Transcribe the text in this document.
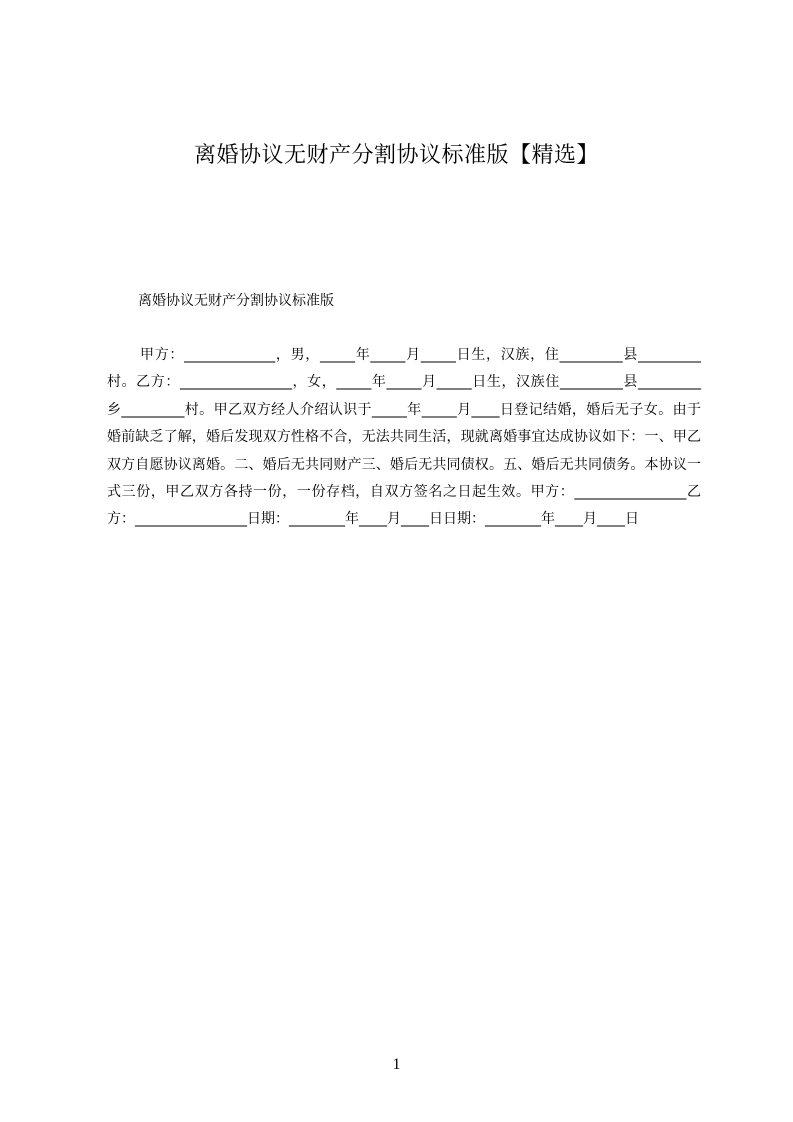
离婚协议无财产分割协议标准版【精选】
离婚协议无财产分割协议标准版
甲方：_____________，男，_____年_____月_____日生，汉族，住_________县_________村。乙方：________________，女，_____年_____月_____日生，汉族住_________县_________乡_________村。甲乙双方经人介绍认识于_____年_____月____日登记结婚，婚后无子女。由于婚前缺乏了解，婚后发现双方性格不合，无法共同生活，现就离婚事宜达成协议如下：一、甲乙双方自愿协议离婚。二、婚后无共同财产三、婚后无共同债权。五、婚后无共同债务。本协议一式三份，甲乙双方各持一份，一份存档，自双方签名之日起生效。甲方：________________乙方：________________日期：________年____月____日日期：________年____月____日
1
